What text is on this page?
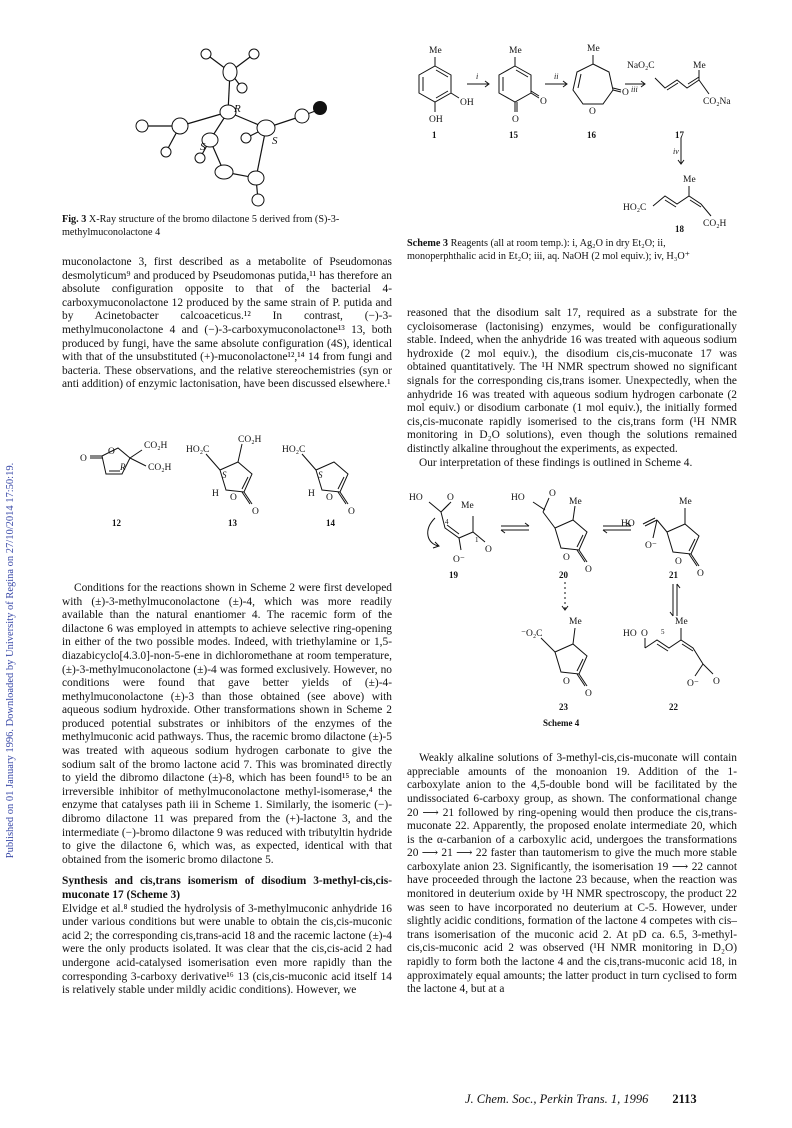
Published on 01 January 1996. Downloaded by University of Regina on 27/10/2014 17:50:19.
R
S	S
Fig. 3 X-Ray structure of the bromo dilactone 5 derived from (S)-3-methylmuconolactone 4
Me
OH
OH
Me
O
O
Me
O
O
NaO₂C	Me
CO₂Na
Me
HO₂C
CO₂H
i	ii
iii
iv
1	15	16	17
18
Scheme 3 Reagents (all at room temp.): i, Ag₂O in dry Et₂O; ii, monoperphthalic acid in Et₂O; iii, aq. NaOH (2 mol equiv.); iv, H₃O⁺

muconolactone 3, first described as a metabolite of Pseudomonas desmolyticum⁹ and produced by Pseudomonas putida,¹¹ has therefore an absolute configuration opposite to that of the bacterial 4-carboxymuconolactone 12 produced by the same strain of P. putida and by Acinetobacter calcoaceticus.¹² In contrast, (−)-3-methylmuconolactone 4 and (−)-3-carboxymuconolactone¹³ 13, both produced by fungi, have the same absolute configuration (4S), identical with that of the unsubstituted (+)-muconolactone¹²,¹⁴ 14 from fungi and bacteria. These observations, and the relative stereochemistries (syn or anti addition) of enzymic lactonisation, have been discussed elsewhere.¹

Conditions for the reactions shown in Scheme 2 were first developed with (±)-3-methylmuconolactone (±)-4, which was more readily available than the natural enantiomer 4. The racemic form of the dilactone 6 was employed in attempts to achieve selective ring-opening in either of the two possible modes. Indeed, with triethylamine or 1,5-diazabicyclo[4.3.0]-non-5-ene in dichloromethane at room temperature, (±)-3-methylmuconolactone (±)-4 was formed exclusively. However, no conditions were found that gave better yields of (±)-4-methylmuconolactone (±)-3 than those obtained (see above) with aqueous sodium hydroxide. Other transformations shown in Scheme 2 produced potential substrates or inhibitors of the enzymes of the methylmuconic acid pathways. Thus, the racemic bromo dilactone (±)-5 was treated with aqueous sodium hydrogen carbonate to give the sodium salt of the bromo lactone acid 7. This was brominated directly to yield the dibromo dilactone (±)-8, which has been found¹⁵ to be an irreversible inhibitor of methylmuconolactone methyl-isomerase,⁴ the enzyme that catalyses path iii in Scheme 1. Similarly, the isomeric (−)-dibromo dilactone 11 was prepared from the (+)-lactone 3, and the intermediate (−)-bromo dilactone 9 was reduced with tributyltin hydride to give the dilactone 6, which was, as expected, identical with that obtained from the isomeric bromo dilactone 5.

Synthesis and cis,trans isomerism of disodium 3-methyl-cis,cis-muconate 17 (Scheme 3)

Elvidge et al.⁸ studied the hydrolysis of 3-methylmuconic anhydride 16 under various conditions but were unable to obtain the cis,cis-muconic acid 2; the corresponding cis,trans-acid 18 and the racemic lactone (±)-4 were the only products isolated. It was clear that the cis,cis-acid 2 had undergone acid-catalysed isomerisation even more rapidly than the corresponding 3-carboxy derivative¹⁶ 13 (cis,cis-muconic acid itself 14 is relatively stable under mildly acidic conditions). However, we

O
O
CO₂H
CO₂H
CO₂H
HO₂C
H O
O
HO₂C
H O
O
R
S	S
12	13	14

reasoned that the disodium salt 17, required as a substrate for the cycloisomerase (lactonising) enzymes, would be configurationally stable. Indeed, when the anhydride 16 was treated with aqueous sodium hydroxide (2 mol equiv.), the disodium cis,cis-muconate 17 was obtained quantitatively. The ¹H NMR spectrum showed no significant signals for the corresponding cis,trans isomer. Unexpectedly, when the anhydride 16 was treated with aqueous sodium hydrogen carbonate (2 mol equiv.) or disodium carbonate (1 mol equiv.), the initially formed cis,cis-muconate rapidly isomerised to the cis,trans form (¹H NMR monitoring in D₂O solutions), even though the solutions remained distinctly alkaline throughout the experiments, as expected.

Our interpretation of these findings is outlined in Scheme 4.

Weakly alkaline solutions of 3-methyl-cis,cis-muconate will contain appreciable amounts of the monoanion 19. Addition of the 1-carboxylate anion to the 4,5-double bond will be facilitated by the undissociated 6-carboxy group, as shown. The conformational change 20 ⟶ 21 followed by ring-opening would then produce the cis,trans-muconate 22. Apparently, the proposed enolate intermediate 20, which is the α-carbanion of a carboxylic acid, undergoes the transformations 20 ⟶ 21 ⟶ 22 faster than tautomerism to give the much more stable carboxylate anion 23. Significantly, the isomerisation 19 ⟶ 22 cannot have proceeded through the lactone 23 because, when the reaction was monitored in deuterium oxide by ¹H NMR spectroscopy, the product 22 was seen to have incorporated no deuterium at C-5. However, under slightly acidic conditions, formation of the lactone 4 competes with cis–trans isomerisation of the muconic acid 2. At pD ca. 6.5, 3-methyl-cis,cis-muconic acid 2 was observed (¹H NMR monitoring in D₂O) rapidly to form both the lactone 4 and the cis,trans-muconic acid 18, in approximately equal amounts; the latter product in turn cyclised to form the lactone 4, but at a

HO	O
Me
O⁻
O
HO	O
Me
O
O
Me
HO
O⁻
O
O
⁻O₂C
Me
O
O
Me
HO O
O⁻ O
4
1
5
19	20	21
23	22
Scheme 4
J. Chem. Soc., Perkin Trans. 1, 1996 2113
